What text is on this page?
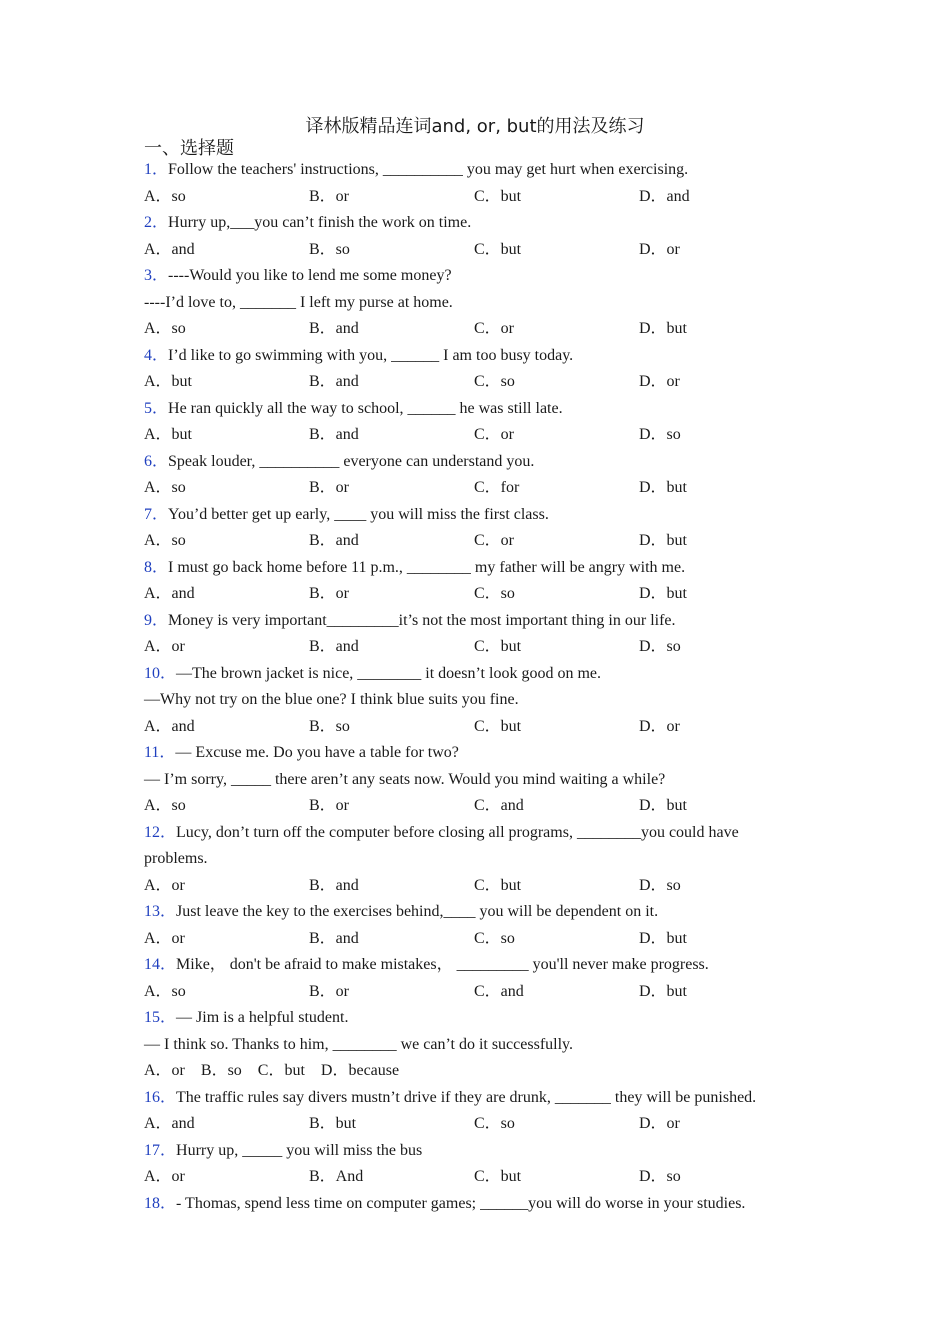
译林版精品连词and, or, but的用法及练习
一、选择题
1．Follow the teachers' instructions, __________ you may get hurt when exercising.
A．so	B．or	C．but	D．and
2．Hurry up,___you can’t finish the work on time.
A．and	B．so	C．but	D．or
3．----Would you like to lend me some money?
----I’d love to, _______ I left my purse at home.
A．so	B．and	C．or	D．but
4．I’d like to go swimming with you, ______ I am too busy today.
A．but	B．and	C．so	D．or
5．He ran quickly all the way to school, ______ he was still late.
A．but	B．and	C．or	D．so
6．Speak louder, __________ everyone can understand you.
A．so	B．or	C．for	D．but
7．You’d better get up early, ____ you will miss the first class.
A．so	B．and	C．or	D．but
8．I must go back home before 11 p.m., ________ my father will be angry with me.
A．and	B．or	C．so	D．but
9．Money is very important_________it’s not the most important thing in our life.
A．or	B．and	C．but	D．so
10．—The brown jacket is nice, ________ it doesn’t look good on me.
—Why not try on the blue one? I think blue suits you fine.
A．and	B．so	C．but	D．or
11．— Excuse me. Do you have a table for two?
— I’m sorry, _____ there aren’t any seats now. Would you mind waiting a while?
A．so	B．or	C．and	D．but
12．Lucy, don’t turn off the computer before closing all programs, ________you could have problems.
A．or	B．and	C．but	D．so
13．Just leave the key to the exercises behind,____ you will be dependent on it.
A．or	B．and	C．so	D．but
14．Mike， don't be afraid to make mistakes， _________ you'll never make progress.
A．so	B．or	C．and	D．but
15．— Jim is a helpful student.
— I think so. Thanks to him, ________ we can’t do it successfully.
A．or B．so C．but D．because
16．The traffic rules say divers mustn’t drive if they are drunk, _______ they will be punished.
A．and	B．but	C．so	D．or
17．Hurry up, _____ you will miss the bus
A．or	B．And	C．but	D．so
18．- Thomas, spend less time on computer games; ______you will do worse in your studies.
